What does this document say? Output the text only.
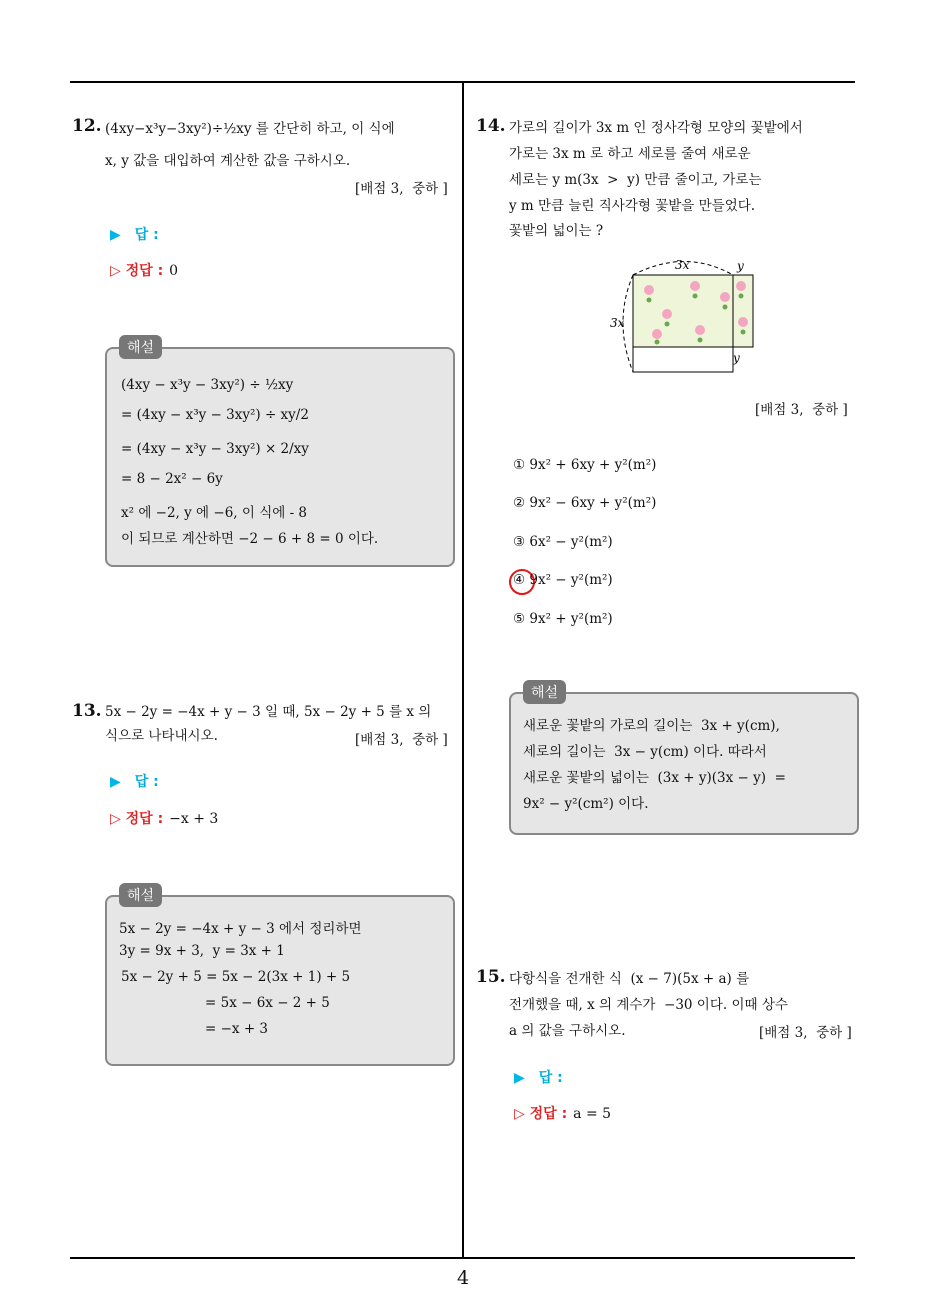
12. (4xy−x³y−3xy²)÷½xy 를 간단히 하고, 이 식에
x, y 값을 대입하여 계산한 값을 구하시오.
[배점 3,  중하 ]
▶ 답 :
▷ 정답 : 0
해설
(4xy − x³y − 3xy²) ÷ ½xy
= (4xy − x³y − 3xy²) ÷ xy/2
= (4xy − x³y − 3xy²) × 2/xy
= 8 − 2x² − 6y
x² 에 −2, y 에 −6, 이 식에 - 8
이 되므로 계산하면 −2 − 6 + 8 = 0 이다.
13. 5x − 2y = −4x + y − 3 일 때, 5x − 2y + 5 를 x 의
식으로 나타내시오.	[배점 3,  중하 ]
▶ 답 :
▷ 정답 : −x + 3
해설
5x − 2y = −4x + y − 3 에서 정리하면
3y = 9x + 3,  y = 3x + 1
5x − 2y + 5 = 5x − 2(3x + 1) + 5
= 5x − 6x − 2 + 5
= −x + 3
14. 가로의 길이가 3x m 인 정사각형 모양의 꽃밭에서
가로는 3x m 로 하고 세로를 줄여 새로운
세로는 y m(3x  >  y) 만큼 줄이고, 가로는
y m 만큼 늘린 직사각형 꽃밭을 만들었다.
꽃밭의 넓이는 ?
3x	y
3x
y
[배점 3,  중하 ]
① 9x² + 6xy + y²(m²)
② 9x² − 6xy + y²(m²)
③ 6x² − y²(m²)
④ 9x² − y²(m²)
⑤ 9x² + y²(m²)
해설
새로운 꽃밭의 가로의 길이는  3x + y(cm),
세로의 길이는  3x − y(cm) 이다. 따라서
새로운 꽃밭의 넓이는  (3x + y)(3x − y)  =
9x² − y²(cm²) 이다.
15. 다항식을 전개한 식  (x − 7)(5x + a) 를
전개했을 때, x 의 계수가  −30 이다. 이때 상수
a 의 값을 구하시오.	[배점 3,  중하 ]
▶ 답 :
▷ 정답 : a = 5
4
